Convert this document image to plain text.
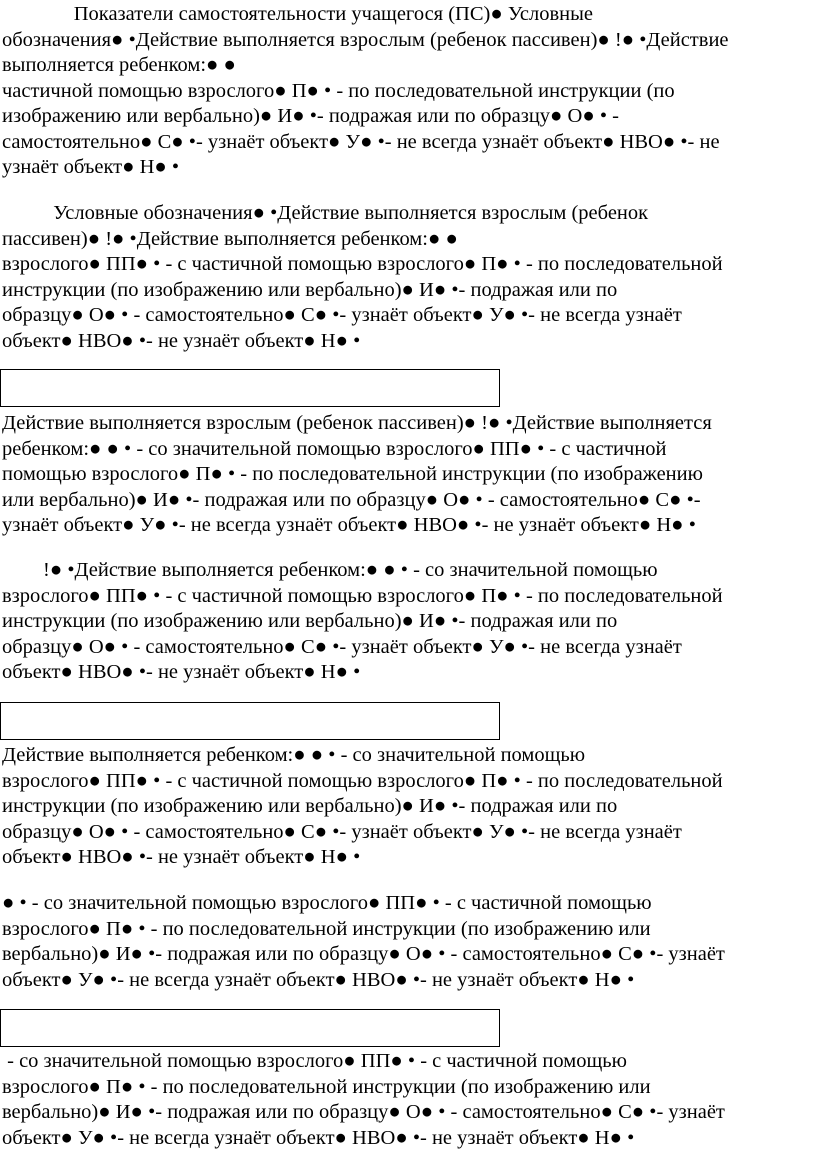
Показатели самостоятельности учащегося (ПС)● Условные
обозначения● •Действие выполняется взрослым (ребенок пассивен)● !● •Действие
выполняется ребенком:● ●
частичной помощью взрослого● П● • - по последовательной инструкции (по
изображению или вербально)● И● •- подражая или по образцу● О● • -
самостоятельно● С● •- узнаёт объект● У● •- не всегда узнаёт объект● НВО● •- не
узнаёт объект● Н● •
Условные обозначения● •Действие выполняется взрослым (ребенок
пассивен)● !● •Действие выполняется ребенком:● ●
взрослого● ПП● • - с частичной помощью взрослого● П● • - по последовательной
инструкции (по изображению или вербально)● И● •- подражая или по
образцу● О● • - самостоятельно● С● •- узнаёт объект● У● •- не всегда узнаёт
объект● НВО● •- не узнаёт объект● Н● •
Действие выполняется взрослым (ребенок пассивен)● !● •Действие выполняется
ребенком:● ● • - со значительной помощью взрослого● ПП● • - с частичной
помощью взрослого● П● • - по последовательной инструкции (по изображению
или вербально)● И● •- подражая или по образцу● О● • - самостоятельно● С● •-
узнаёт объект● У● •- не всегда узнаёт объект● НВО● •- не узнаёт объект● Н● •
!● •Действие выполняется ребенком:● ● • - со значительной помощью
взрослого● ПП● • - с частичной помощью взрослого● П● • - по последовательной
инструкции (по изображению или вербально)● И● •- подражая или по
образцу● О● • - самостоятельно● С● •- узнаёт объект● У● •- не всегда узнаёт
объект● НВО● •- не узнаёт объект● Н● •
Действие выполняется ребенком:● ● • - со значительной помощью
взрослого● ПП● • - с частичной помощью взрослого● П● • - по последовательной
инструкции (по изображению или вербально)● И● •- подражая или по
образцу● О● • - самостоятельно● С● •- узнаёт объект● У● •- не всегда узнаёт
объект● НВО● •- не узнаёт объект● Н● •
● • - со значительной помощью взрослого● ПП● • - с частичной помощью
взрослого● П● • - по последовательной инструкции (по изображению или
вербально)● И● •- подражая или по образцу● О● • - самостоятельно● С● •- узнаёт
объект● У● •- не всегда узнаёт объект● НВО● •- не узнаёт объект● Н● •
- со значительной помощью взрослого● ПП● • - с частичной помощью
взрослого● П● • - по последовательной инструкции (по изображению или
вербально)● И● •- подражая или по образцу● О● • - самостоятельно● С● •- узнаёт
объект● У● •- не всегда узнаёт объект● НВО● •- не узнаёт объект● Н● •
